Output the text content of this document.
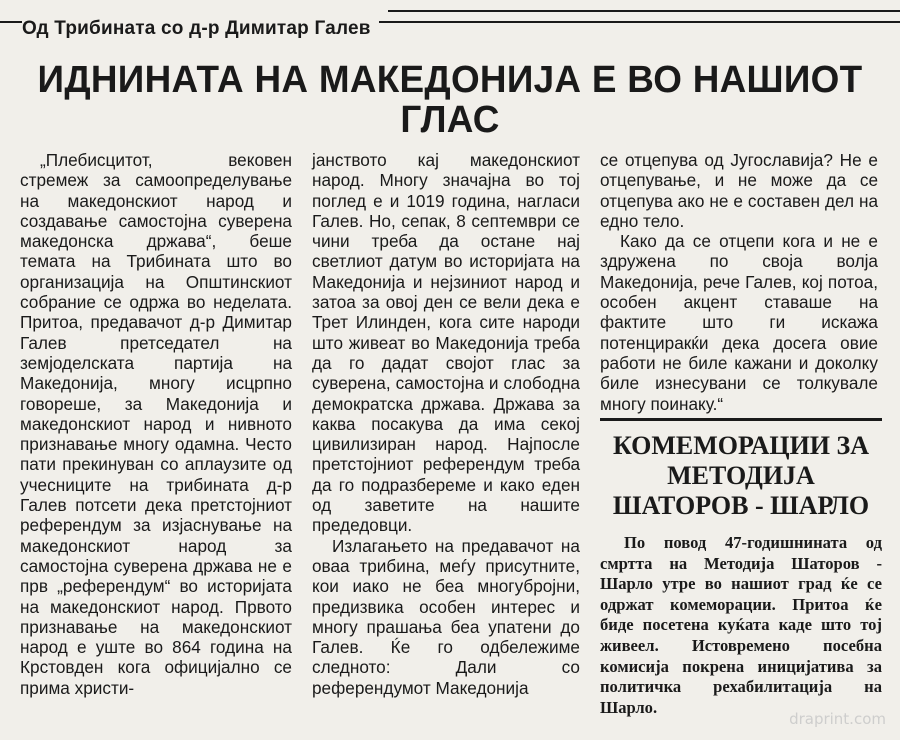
Од Трибината со д-р Димитар Галев
ИДНИНАТА НА МАКЕДОНИЈА Е ВО НАШИОТ ГЛАС

„Плебисцитот, вековен стремеж за самоопределување на македонскиот народ и создавање самостојна суверена македонска држава“, беше темата на Трибината што во организација на Општинскиот собрание се одржа во неделата. Притоа, предавачот д-р Димитар Галев претседател на земјоделската партија на Македонија, многу исцрпно говореше, за Македонија и македонскиот народ и нивното признавање многу одамна. Често пати прекинуван со аплаузите од учесниците на трибината д-р Галев потсети дека претстојниот референдум за изјаснување на македонскиот народ за самостојна суверена држава не е прв „референдум“ во историјата на македонскиот народ. Првото признавање на македонскиот народ е уште во 864 година на Крстовден кога официјално се прима христи-

јанството кај македонскиот народ. Многу значајна во тој поглед е и 1019 година, нагласи Галев. Но, сепак, 8 септември се чини треба да остане нај светлиот датум во историјата на Македонија и нејзиниот народ и затоа за овој ден се вели дека е Трет Илинден, кога сите народи што живеат во Македонија треба да го дадат својот глас за суверена, самостојна и слободна демократска држава. Држава за каква посакува да има секој цивилизиран народ. Најпосле претстојниот референдум треба да го подразбереме и како еден од заветите на нашите предедовци.

Излагањето на предавачот на оваа трибина, меѓу присутните, кои иако не беа многубројни, предизвика особен интерес и многу прашања беа упатени до Галев. Ќе го одбележиме следното: Дали со референдумот Македонија

се отцепува од Југославија? Не е отцепување, и не може да се отцепува ако не е составен дел на едно тело.

Како да се отцепи кога и не е здружена по своја волја Македонија, рече Галев, кој потоа, особен акцент ставаше на фактите што ги искажа потенциракќи дека досега овие работи не биле кажани и доколку биле изнесувани се толкувале многу поинаку.“

КОМЕМОРАЦИИ ЗА МЕТОДИЈА ШАТОРОВ - ШАРЛО
По повод 47-годишнината од смртта на Методија Шаторов - Шарло утре во нашиот град ќе се одржат комеморации. Притоа ќе биде посетена куќата каде што тој живеел. Истовремено посебна комисија покрена иницијатива за политичка рехабилитација на Шарло.
draprint.com
